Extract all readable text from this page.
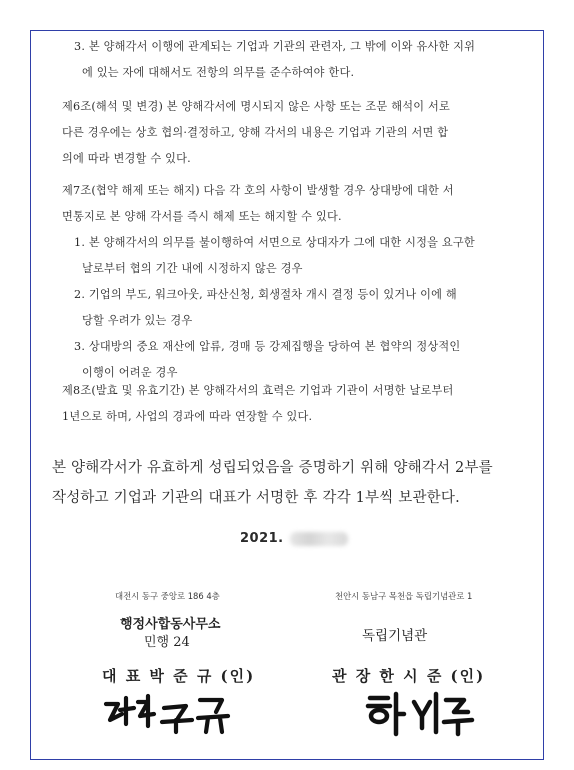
3. 본 양해각서 이행에 관계되는 기업과 기관의 관련자, 그 밖에 이와 유사한 지위
에 있는 자에 대해서도 전항의 의무를 준수하여야 한다.
제6조(해석 및 변경) 본 양해각서에 명시되지 않은 사항 또는 조문 해석이 서로
다른 경우에는 상호 협의·결정하고, 양해 각서의 내용은 기업과 기관의 서면 합
의에 따라 변경할 수 있다.
제7조(협약 해제 또는 해지) 다음 각 호의 사항이 발생할 경우 상대방에 대한 서
면통지로 본 양해 각서를 즉시 해제 또는 해지할 수 있다.
1. 본 양해각서의 의무를 불이행하여 서면으로 상대자가 그에 대한 시정을 요구한
날로부터 협의 기간 내에 시정하지 않은 경우
2. 기업의 부도, 워크아웃, 파산신청, 회생절차 개시 결정 등이 있거나 이에 해
당할 우려가 있는 경우
3. 상대방의 중요 재산에 압류, 경매 등 강제집행을 당하여 본 협약의 정상적인
이행이 어려운 경우
제8조(발효 및 유효기간) 본 양해각서의 효력은 기업과 기관이 서명한 날로부터
1년으로 하며, 사업의 경과에 따라 연장할 수 있다.
본 양해각서가 유효하게 성립되었음을 증명하기 위해 양해각서 2부를
작성하고 기업과 기관의 대표가 서명한 후 각각 1부씩 보관한다.
2021.
대전시 동구 중앙로 186 4층
행정사합동사무소
민행 24
대 표 박 준 규 (인)
천안시 동남구 목천읍 독립기념관로 1
독립기념관
관 장 한 시 준 (인)
